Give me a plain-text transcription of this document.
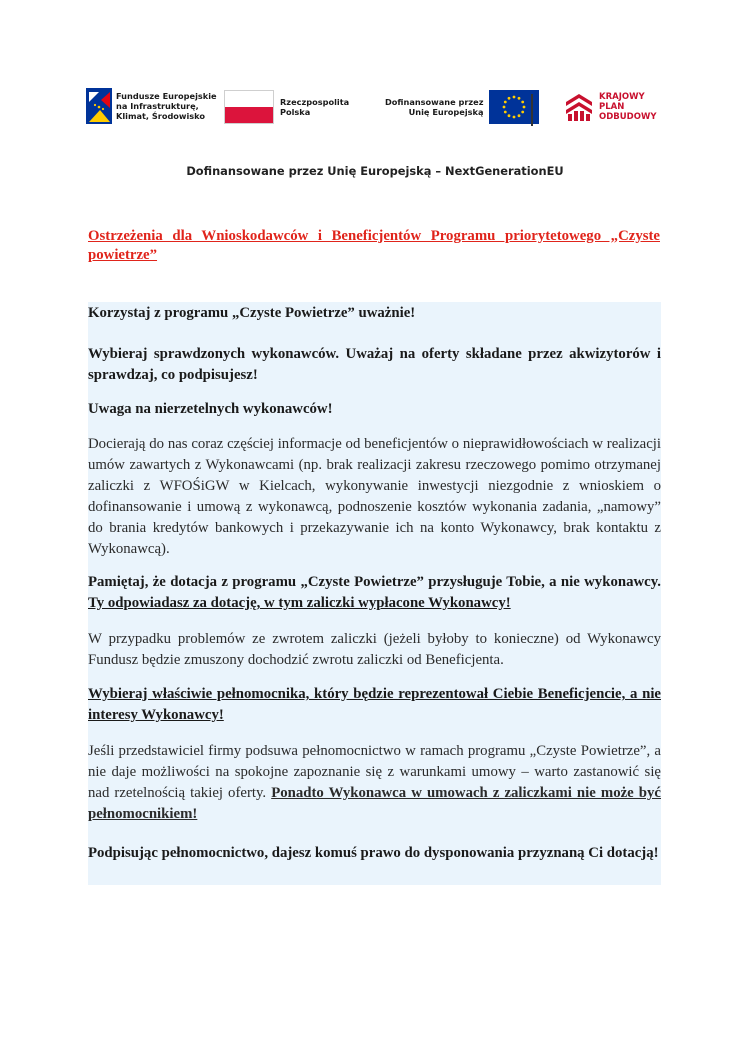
Fundusze Europejskie
na Infrastrukturę,
Klimat, Środowisko
Rzeczpospolita
Polska
Dofinansowane przez
Unię Europejską
KRAJOWY
PLAN
ODBUDOWY
Dofinansowane przez Unię Europejską – NextGenerationEU

Ostrzeżenia dla Wnioskodawców i Beneficjentów Programu priorytetowego „Czyste powietrze”

Korzystaj z programu „Czyste Powietrze” uważnie!

Wybieraj sprawdzonych wykonawców. Uważaj na oferty składane przez akwizytorów i sprawdzaj, co podpisujesz!

Uwaga na nierzetelnych wykonawców!

Docierają do nas coraz częściej informacje od beneficjentów o nieprawidłowościach w realizacji umów zawartych z Wykonawcami (np. brak realizacji zakresu rzeczowego pomimo otrzymanej zaliczki z WFOŚiGW w Kielcach, wykonywanie inwestycji niezgodnie z wnioskiem o dofinansowanie i umową z wykonawcą, podnoszenie kosztów wykonania zadania, „namowy” do brania kredytów bankowych i przekazywanie ich na konto Wykonawcy, brak kontaktu z Wykonawcą).

Pamiętaj, że dotacja z programu „Czyste Powietrze” przysługuje Tobie, a nie wykonawcy. Ty odpowiadasz za dotację, w tym zaliczki wypłacone Wykonawcy!

W przypadku problemów ze zwrotem zaliczki (jeżeli byłoby to konieczne) od Wykonawcy Fundusz będzie zmuszony dochodzić zwrotu zaliczki od Beneficjenta.

Wybieraj właściwie pełnomocnika, który będzie reprezentował Ciebie Beneficjencie, a nie interesy Wykonawcy!

Jeśli przedstawiciel firmy podsuwa pełnomocnictwo w ramach programu „Czyste Powietrze”, a nie daje możliwości na spokojne zapoznanie się z warunkami umowy – warto zastanowić się nad rzetelnością takiej oferty. Ponadto Wykonawca w umowach z zaliczkami nie może być pełnomocnikiem!

Podpisując pełnomocnictwo, dajesz komuś prawo do dysponowania przyznaną Ci dotacją!
